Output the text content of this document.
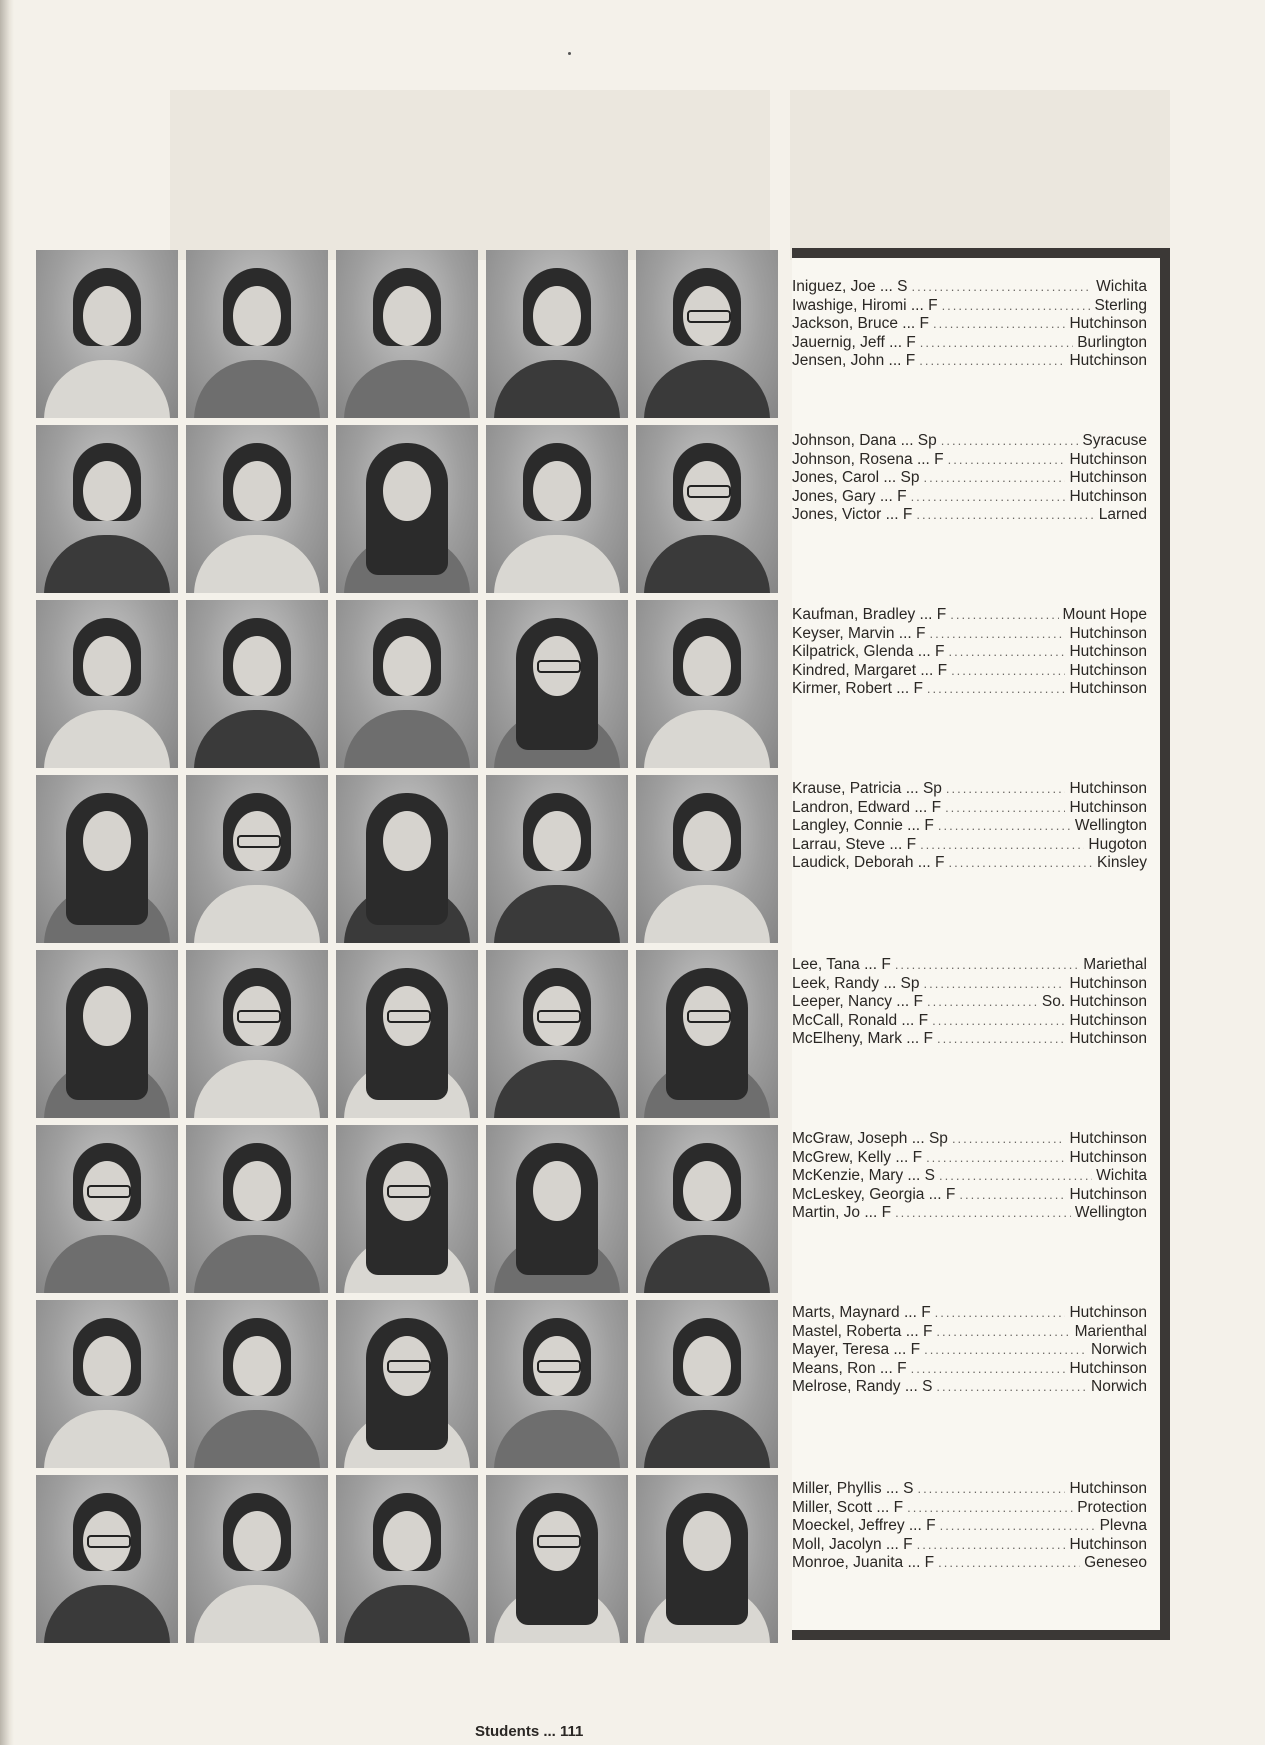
Iniguez, Joe ... S .....	Wichita
Iwashige, Hiromi ... F .....	Sterling
Jackson, Bruce ... F .....	Hutchinson
Jauernig, Jeff ... F .....	Burlington
Jensen, John ... F .....	Hutchinson
Johnson, Dana ... Sp .....	Syracuse
Johnson, Rosena ... F .....	Hutchinson
Jones, Carol ... Sp .....	Hutchinson
Jones, Gary ... F .....	Hutchinson
Jones, Victor ... F .....	Larned
Kaufman, Bradley ... F .....	Mount Hope
Keyser, Marvin ... F .....	Hutchinson
Kilpatrick, Glenda ... F .....	Hutchinson
Kindred, Margaret ... F .....	Hutchinson
Kirmer, Robert ... F .....	Hutchinson
Krause, Patricia ... Sp .....	Hutchinson
Landron, Edward ... F .....	Hutchinson
Langley, Connie ... F .....	Wellington
Larrau, Steve ... F .....	Hugoton
Laudick, Deborah ... F .....	Kinsley
Lee, Tana ... F .....	Mariethal
Leek, Randy ... Sp .....	Hutchinson
Leeper, Nancy ... F .....	So. Hutchinson
McCall, Ronald ... F .....	Hutchinson
McElheny, Mark ... F .....	Hutchinson
McGraw, Joseph ... Sp .....	Hutchinson
McGrew, Kelly ... F .....	Hutchinson
McKenzie, Mary ... S .....	Wichita
McLeskey, Georgia ... F .....	Hutchinson
Martin, Jo ... F .....	Wellington
Marts, Maynard ... F .....	Hutchinson
Mastel, Roberta ... F .....	Marienthal
Mayer, Teresa ... F .....	Norwich
Means, Ron ... F .....	Hutchinson
Melrose, Randy ... S .....	Norwich
Miller, Phyllis ... S .....	Hutchinson
Miller, Scott ... F .....	Protection
Moeckel, Jeffrey ... F .....	Plevna
Moll, Jacolyn ... F .....	Hutchinson
Monroe, Juanita ... F .....	Geneseo
Students ... 111
